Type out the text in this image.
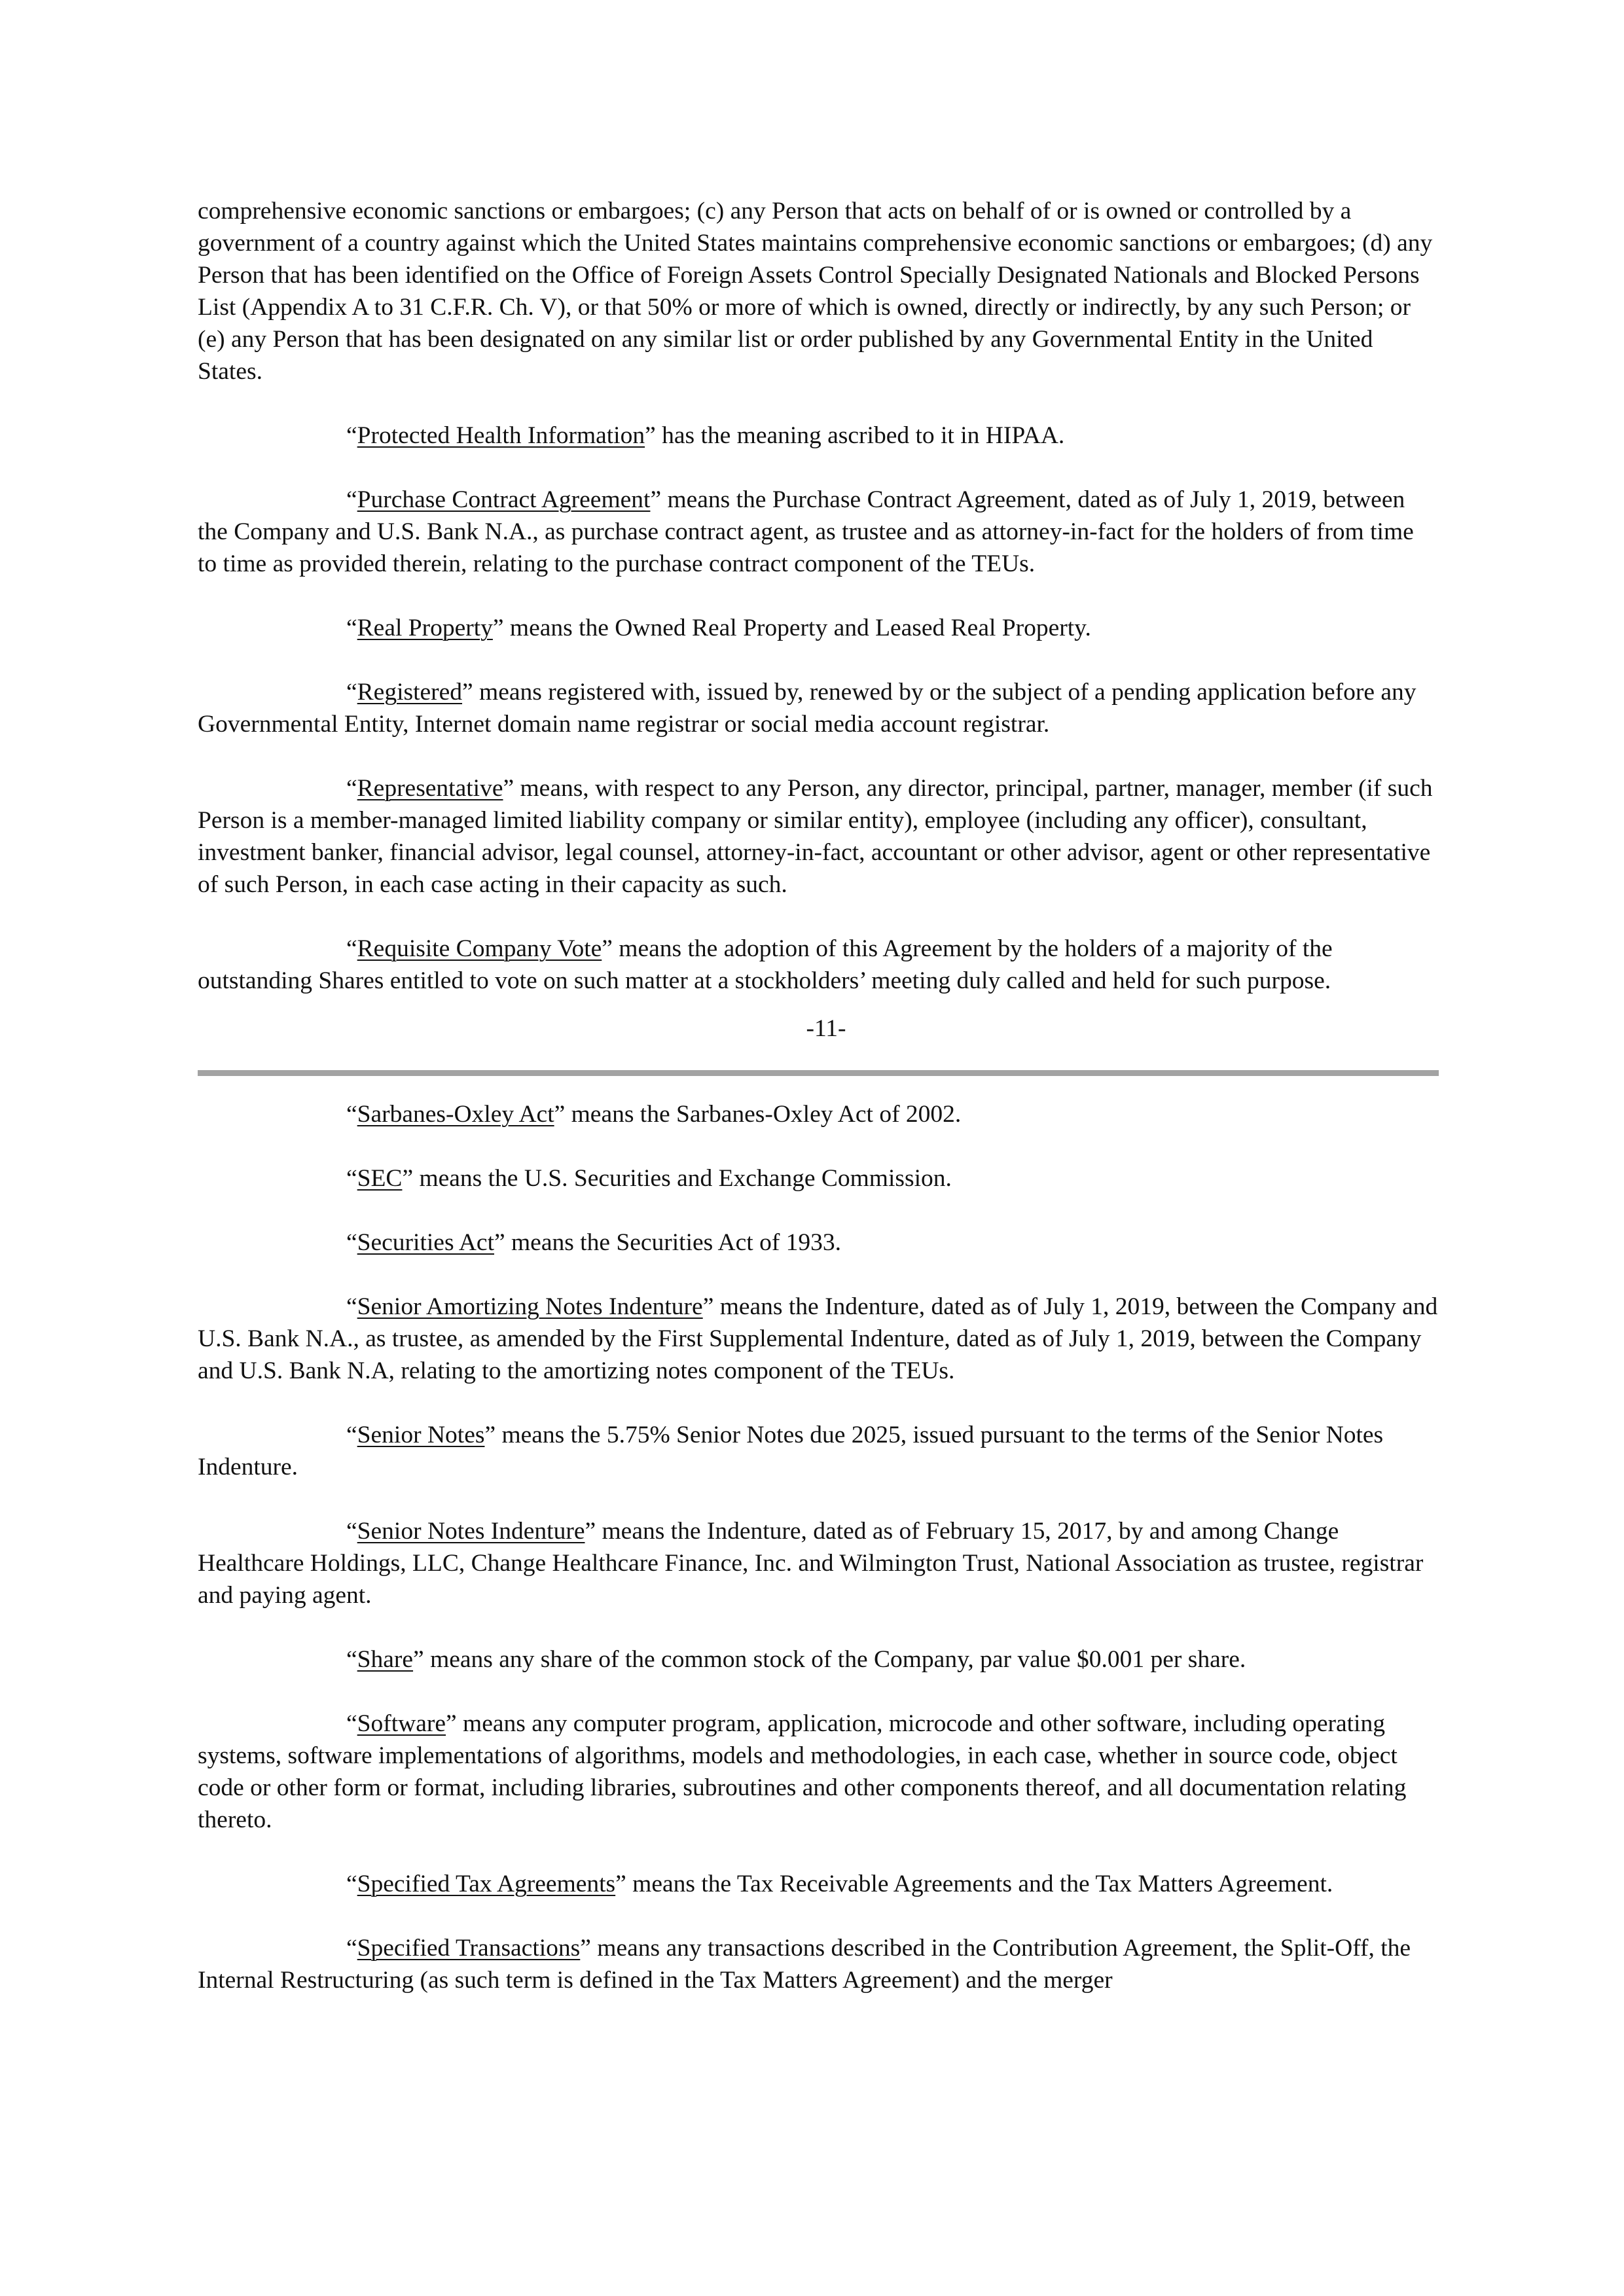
comprehensive economic sanctions or embargoes; (c) any Person that acts on behalf of or is owned or controlled by a government of a country against which the United States maintains comprehensive economic sanctions or embargoes; (d) any Person that has been identified on the Office of Foreign Assets Control Specially Designated Nationals and Blocked Persons List (Appendix A to 31 C.F.R. Ch. V), or that 50% or more of which is owned, directly or indirectly, by any such Person; or (e) any Person that has been designated on any similar list or order published by any Governmental Entity in the United States.

“Protected Health Information” has the meaning ascribed to it in HIPAA.

“Purchase Contract Agreement” means the Purchase Contract Agreement, dated as of July 1, 2019, between the Company and U.S. Bank N.A., as purchase contract agent, as trustee and as attorney-in-fact for the holders of from time to time as provided therein, relating to the purchase contract component of the TEUs.

“Real Property” means the Owned Real Property and Leased Real Property.

“Registered” means registered with, issued by, renewed by or the subject of a pending application before any Governmental Entity, Internet domain name registrar or social media account registrar.

“Representative” means, with respect to any Person, any director, principal, partner, manager, member (if such Person is a member-managed limited liability company or similar entity), employee (including any officer), consultant, investment banker, financial advisor, legal counsel, attorney-in-fact, accountant or other advisor, agent or other representative of such Person, in each case acting in their capacity as such.

“Requisite Company Vote” means the adoption of this Agreement by the holders of a majority of the outstanding Shares entitled to vote on such matter at a stockholders’ meeting duly called and held for such purpose.

-11-

“Sarbanes-Oxley Act” means the Sarbanes-Oxley Act of 2002.

“SEC” means the U.S. Securities and Exchange Commission.

“Securities Act” means the Securities Act of 1933.

“Senior Amortizing Notes Indenture” means the Indenture, dated as of July 1, 2019, between the Company and U.S. Bank N.A., as trustee, as amended by the First Supplemental Indenture, dated as of July 1, 2019, between the Company and U.S. Bank N.A, relating to the amortizing notes component of the TEUs.

“Senior Notes” means the 5.75% Senior Notes due 2025, issued pursuant to the terms of the Senior Notes Indenture.

“Senior Notes Indenture” means the Indenture, dated as of February 15, 2017, by and among Change Healthcare Holdings, LLC, Change Healthcare Finance, Inc. and Wilmington Trust, National Association as trustee, registrar and paying agent.

“Share” means any share of the common stock of the Company, par value $0.001 per share.

“Software” means any computer program, application, microcode and other software, including operating systems, software implementations of algorithms, models and methodologies, in each case, whether in source code, object code or other form or format, including libraries, subroutines and other components thereof, and all documentation relating thereto.

“Specified Tax Agreements” means the Tax Receivable Agreements and the Tax Matters Agreement.

“Specified Transactions” means any transactions described in the Contribution Agreement, the Split-Off, the Internal Restructuring (as such term is defined in the Tax Matters Agreement) and the merger
